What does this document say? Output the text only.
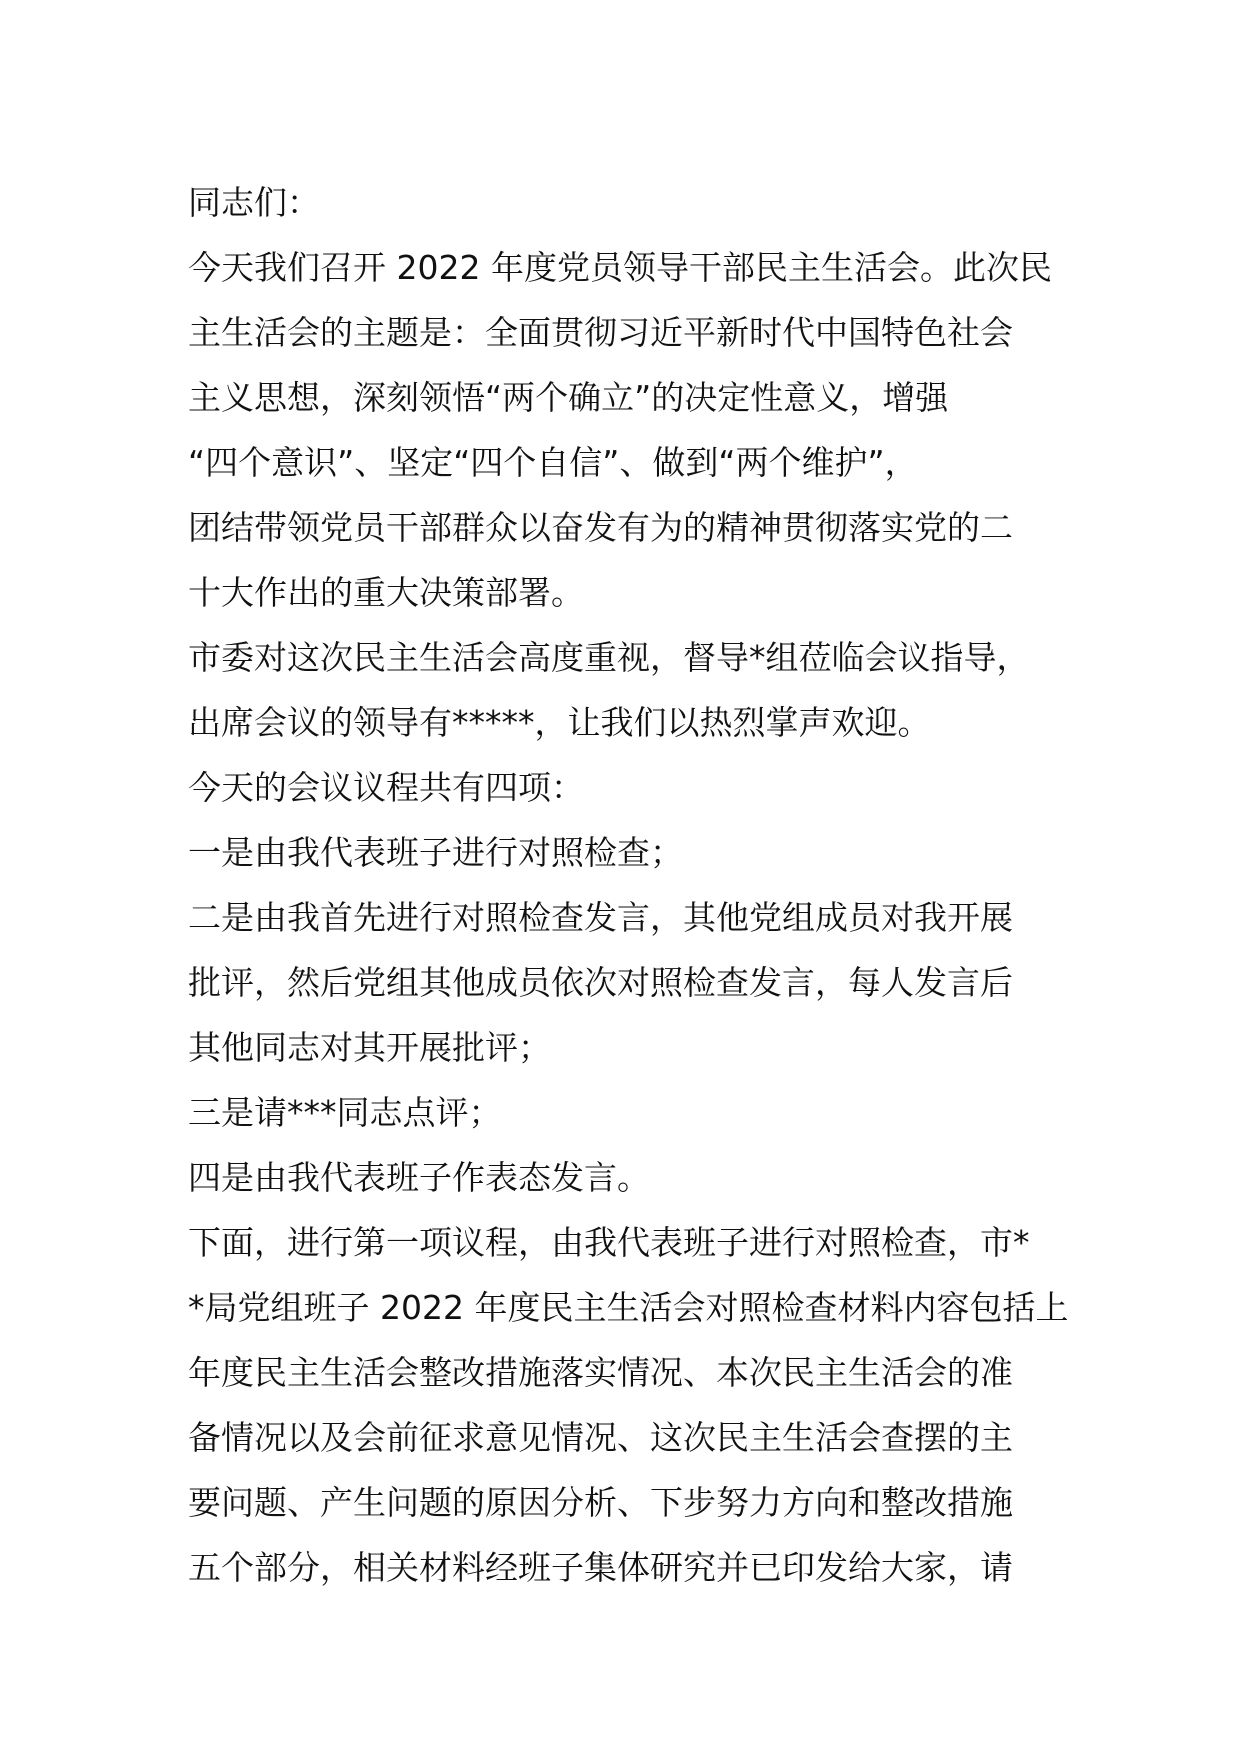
同志们：
今天我们召开 2022 年度党员领导干部民主生活会。此次民
主生活会的主题是：全面贯彻习近平新时代中国特色社会
主义思想，深刻领悟“两个确立”的决定性意义，增强
“四个意识”、坚定“四个自信”、做到“两个维护”，
团结带领党员干部群众以奋发有为的精神贯彻落实党的二
十大作出的重大决策部署。
市委对这次民主生活会高度重视，督导*组莅临会议指导，
出席会议的领导有*****，让我们以热烈掌声欢迎。
今天的会议议程共有四项：
一是由我代表班子进行对照检查；
二是由我首先进行对照检查发言，其他党组成员对我开展
批评，然后党组其他成员依次对照检查发言，每人发言后
其他同志对其开展批评；
三是请***同志点评；
四是由我代表班子作表态发言。
下面，进行第一项议程，由我代表班子进行对照检查，市*
*局党组班子 2022 年度民主生活会对照检查材料内容包括上
年度民主生活会整改措施落实情况、本次民主生活会的准
备情况以及会前征求意见情况、这次民主生活会查摆的主
要问题、产生问题的原因分析、下步努力方向和整改措施
五个部分，相关材料经班子集体研究并已印发给大家，请
